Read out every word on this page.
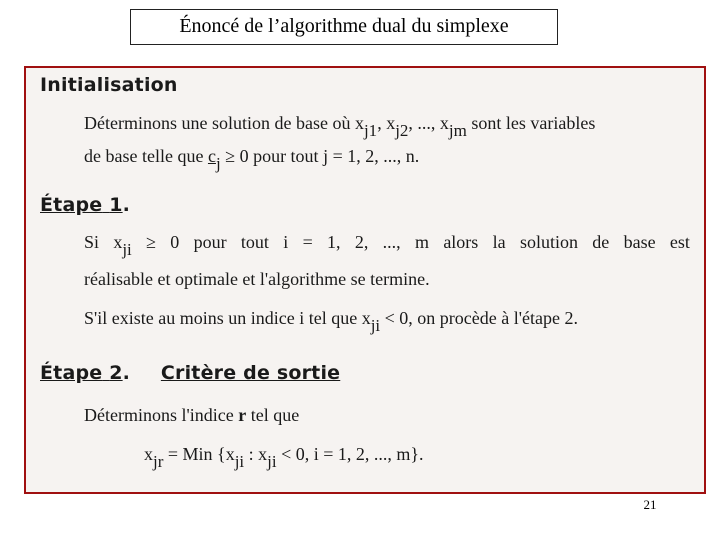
Énoncé de l’algorithme dual du simplexe
Initialisation
Déterminons une solution de base où $x_{j1}$, $x_{j2}$, ..., $x_{jm}$ sont les variables
de base telle que $c_j \ge 0$ pour tout j = 1, 2, ..., n.
Étape 1.
Si $x_{ji} \ge 0$ pour tout i = 1, 2, ..., m alors la solution de base est
réalisable et optimale et l'algorithme se termine.
S'il existe au moins un indice i tel que $x_{ji} < 0$, on procède à l'étape 2.
Étape 2. Critère de sortie
Déterminons l'indice r tel que
$x_{jr}$ = Min {$x_{ji}$ : $x_{ji} < 0$, i = 1, 2, ..., m}.
21
